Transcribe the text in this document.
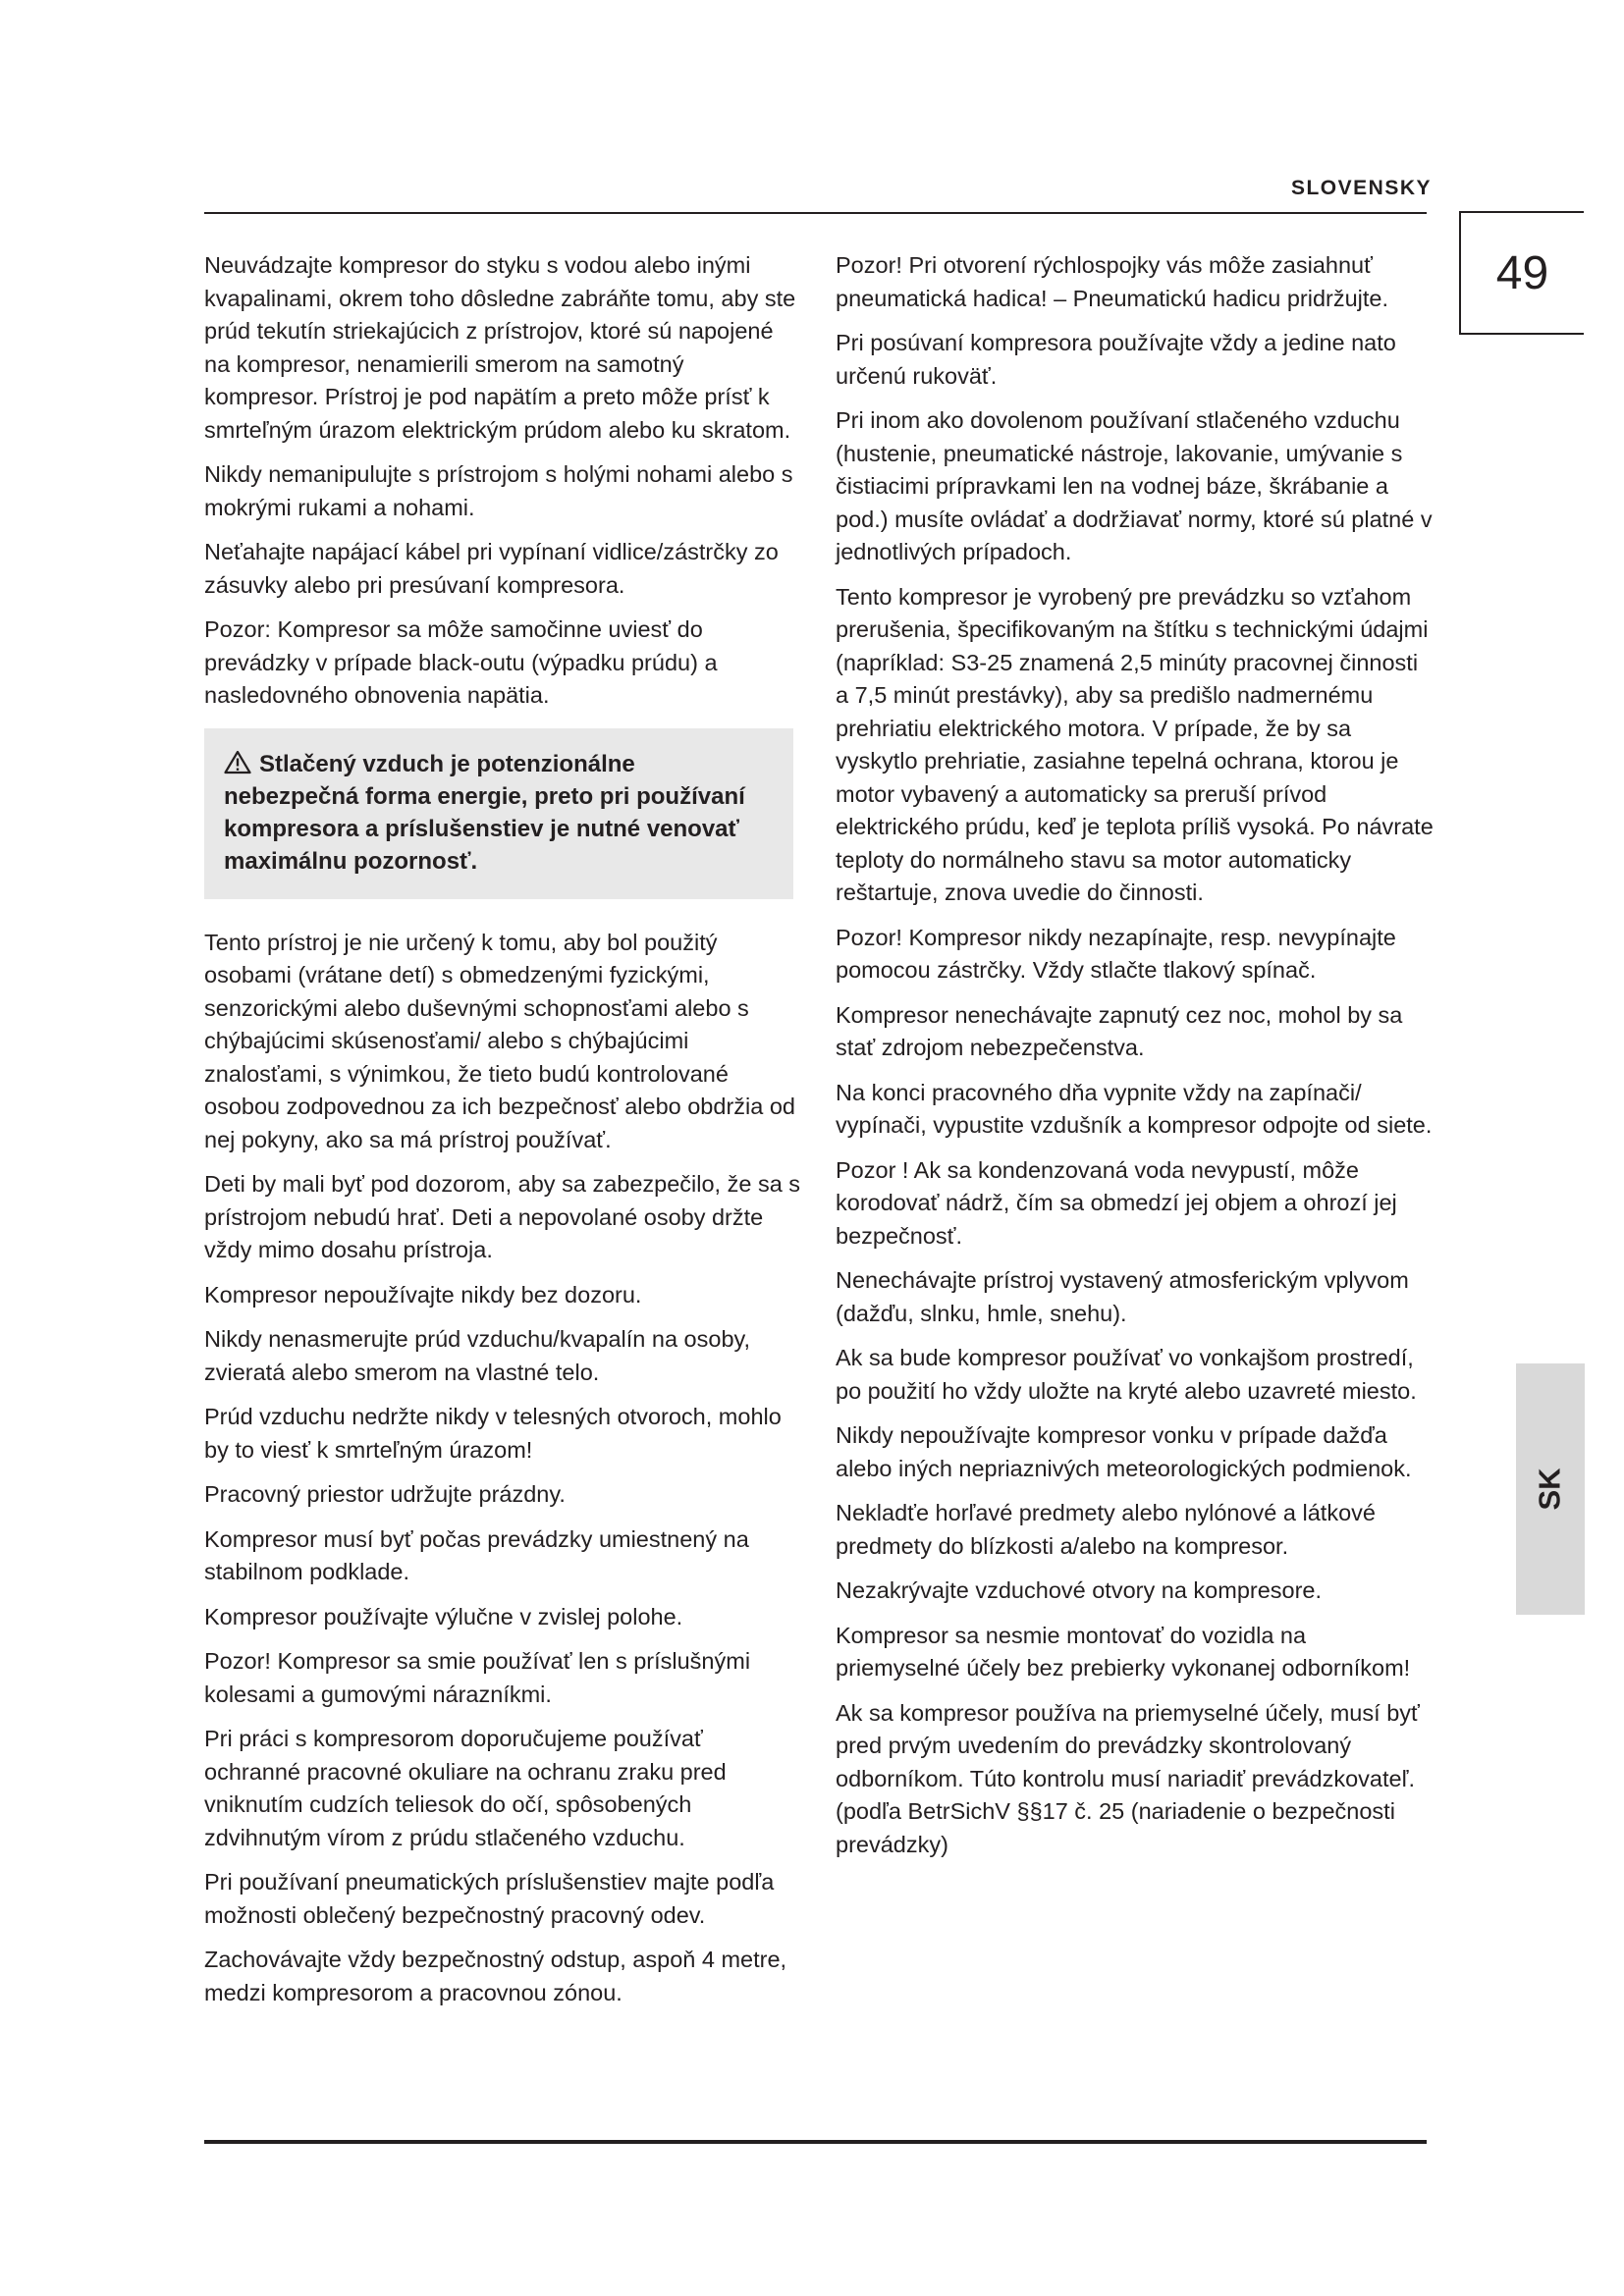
SLOVENSKY
49
SK

Neuvádzajte kompresor do styku s vodou alebo inými kvapalinami, okrem toho dôsledne zabráňte tomu, aby ste prúd tekutín striekajúcich z prístrojov, ktoré sú napojené na kompresor, nenamierili smerom na samotný kompresor. Prístroj je pod napätím a preto môže prísť k smrteľným úrazom elektrickým prúdom alebo ku skratom.

Nikdy nemanipulujte s prístrojom s holými nohami alebo s mokrými rukami a nohami.

Neťahajte napájací kábel pri vypínaní vidlice/zástrčky zo zásuvky alebo pri presúvaní kompresora.

Pozor: Kompresor sa môže samočinne uviesť do prevádzky v prípade black-outu (výpadku prúdu) a nasledovného obnovenia napätia.

Stlačený vzduch je potenzionálne nebezpečná forma energie, preto pri používaní kompresora a príslušenstiev je nutné venovať maximálnu pozornosť.

Tento prístroj je nie určený k tomu, aby bol použitý osobami (vrátane detí) s obmedzenými fyzickými, senzorickými alebo duševnými schopnosťami alebo s chýbajúcimi skúsenosťami/ alebo s chýbajúcimi znalosťami, s výnimkou, že tieto budú kontrolované osobou zodpovednou za ich bezpečnosť alebo obdržia od nej pokyny, ako sa má prístroj používať.

Deti by mali byť pod dozorom, aby sa zabezpečilo, že sa s prístrojom nebudú hrať. Deti a nepovolané osoby držte vždy mimo dosahu prístroja.

Kompresor nepoužívajte nikdy bez dozoru.

Nikdy nenasmerujte prúd vzduchu/kvapalín na osoby, zvieratá alebo smerom na vlastné telo.

Prúd vzduchu nedržte nikdy v telesných otvoroch, mohlo by to viesť k smrteľným úrazom!

Pracovný priestor udržujte prázdny.

Kompresor musí byť počas prevádzky umiestnený na stabilnom podklade.

Kompresor používajte výlučne v zvislej polohe.

Pozor! Kompresor sa smie používať len s príslušnými kolesami a gumovými nárazníkmi.

Pri práci s kompresorom doporučujeme používať ochranné pracovné okuliare na ochranu zraku pred vniknutím cudzích teliesok do očí, spôsobených zdvihnutým vírom z prúdu stlačeného vzduchu.

Pri používaní pneumatických príslušenstiev majte podľa možnosti oblečený bezpečnostný pracovný odev.

Zachovávajte vždy bezpečnostný odstup, aspoň 4 metre, medzi kompresorom a pracovnou zónou.

Pozor! Pri otvorení rýchlospojky vás môže zasiahnuť pneumatická hadica! – Pneumatickú hadicu pridržujte.

Pri posúvaní kompresora používajte vždy a jedine nato určenú rukoväť.

Pri inom ako dovolenom používaní stlačeného vzduchu (hustenie, pneumatické nástroje, lakovanie, umývanie s čistiacimi prípravkami len na vodnej báze, škrábanie a pod.) musíte ovládať a dodržiavať normy, ktoré sú platné v jednotlivých prípadoch.

Tento kompresor je vyrobený pre prevádzku so vzťahom prerušenia, špecifikovaným na štítku s technickými údajmi (napríklad: S3-25 znamená 2,5 minúty pracovnej činnosti a 7,5 minút prestávky), aby sa predišlo nadmernému prehriatiu elektrického motora. V prípade, že by sa vyskytlo prehriatie, zasiahne tepelná ochrana, ktorou je motor vybavený a automaticky sa preruší prívod elektrického prúdu, keď je teplota príliš vysoká. Po návrate teploty do normálneho stavu sa motor automaticky reštartuje, znova uvedie do činnosti.

Pozor! Kompresor nikdy nezapínajte, resp. nevypínajte pomocou zástrčky. Vždy stlačte tlakový spínač.

Kompresor nenechávajte zapnutý cez noc, mohol by sa stať zdrojom nebezpečenstva.

Na konci pracovného dňa vypnite vždy na zapínači/ vypínači, vypustite vzdušník a kompresor odpojte od siete.

Pozor ! Ak sa kondenzovaná voda nevypustí, môže korodovať nádrž, čím sa obmedzí jej objem a ohrozí jej bezpečnosť.

Nenechávajte prístroj vystavený atmosferickým vplyvom (dažďu, slnku, hmle, snehu).

Ak sa bude kompresor používať vo vonkajšom prostredí, po použití ho vždy uložte na kryté alebo uzavreté miesto.

Nikdy nepoužívajte kompresor vonku v prípade dažďa alebo iných nepriaznivých meteorologických podmienok.

Nekladťe horľavé predmety alebo nylónové a látkové predmety do blízkosti a/alebo na kompresor.

Nezakrývajte vzduchové otvory na kompresore.

Kompresor sa nesmie montovať do vozidla na priemyselné účely bez prebierky vykonanej odborníkom!

Ak sa kompresor používa na priemyselné účely, musí byť pred prvým uvedením do prevádzky skontrolovaný odborníkom. Túto kontrolu musí nariadiť prevádzkovateľ. (podľa BetrSichV §§17 č. 25 (nariadenie o bezpečnosti prevádzky)
